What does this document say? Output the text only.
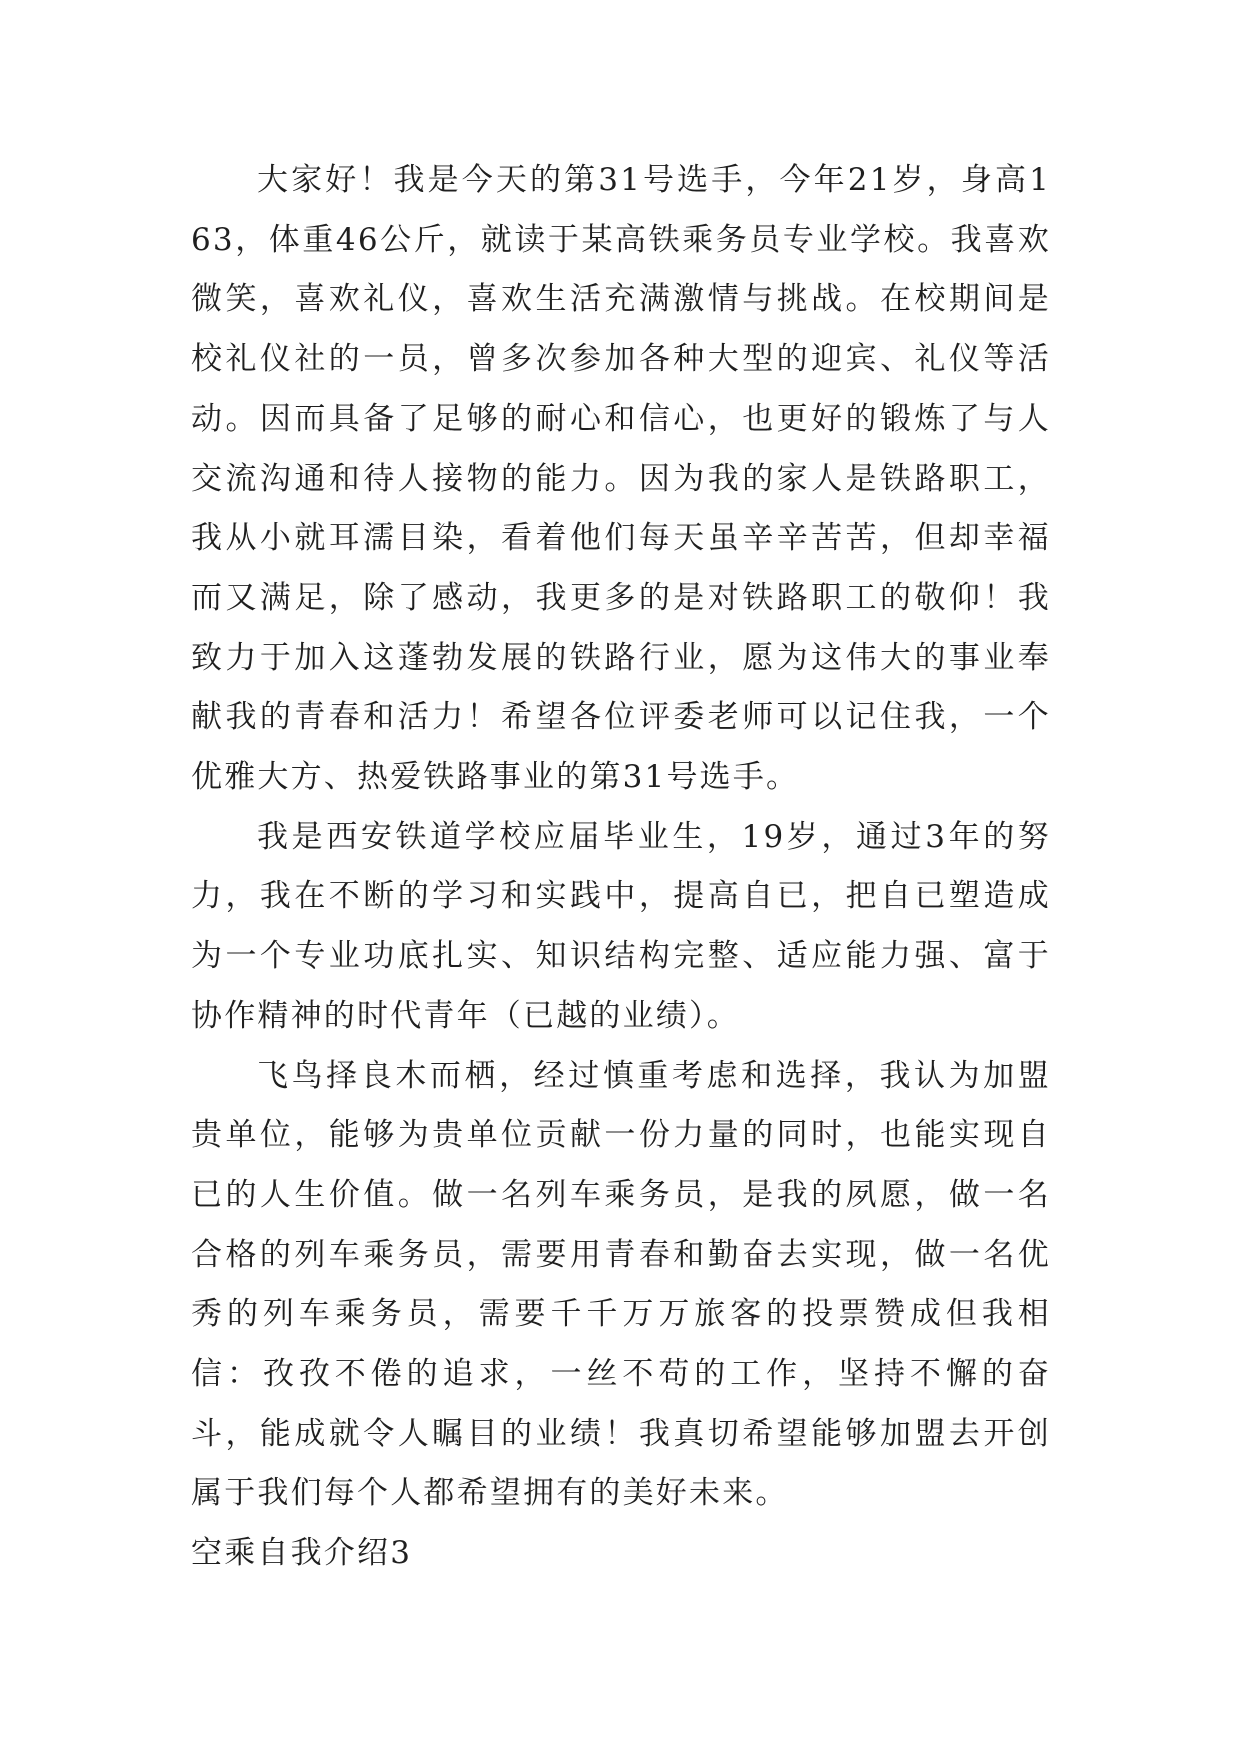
大家好！我是今天的第31号选手，今年21岁，身高163，体重46公斤，就读于某高铁乘务员专业学校。我喜欢微笑，喜欢礼仪，喜欢生活充满激情与挑战。在校期间是校礼仪社的一员，曾多次参加各种大型的迎宾、礼仪等活动。因而具备了足够的耐心和信心，也更好的锻炼了与人交流沟通和待人接物的能力。因为我的家人是铁路职工，我从小就耳濡目染，看着他们每天虽辛辛苦苦，但却幸福而又满足，除了感动，我更多的是对铁路职工的敬仰！我致力于加入这蓬勃发展的铁路行业，愿为这伟大的事业奉献我的青春和活力！希望各位评委老师可以记住我，一个优雅大方、热爱铁路事业的第31号选手。

我是西安铁道学校应届毕业生，19岁，通过3年的努力，我在不断的学习和实践中，提高自已，把自已塑造成为一个专业功底扎实、知识结构完整、适应能力强、富于协作精神的时代青年（已越的业绩）。

飞鸟择良木而栖，经过慎重考虑和选择，我认为加盟贵单位，能够为贵单位贡献一份力量的同时，也能实现自已的人生价值。做一名列车乘务员，是我的夙愿，做一名合格的列车乘务员，需要用青春和勤奋去实现，做一名优秀的列车乘务员，需要千千万万旅客的投票赞成但我相信：孜孜不倦的追求，一丝不苟的工作，坚持不懈的奋斗，能成就令人瞩目的业绩！我真切希望能够加盟去开创属于我们每个人都希望拥有的美好未来。

空乘自我介绍3
